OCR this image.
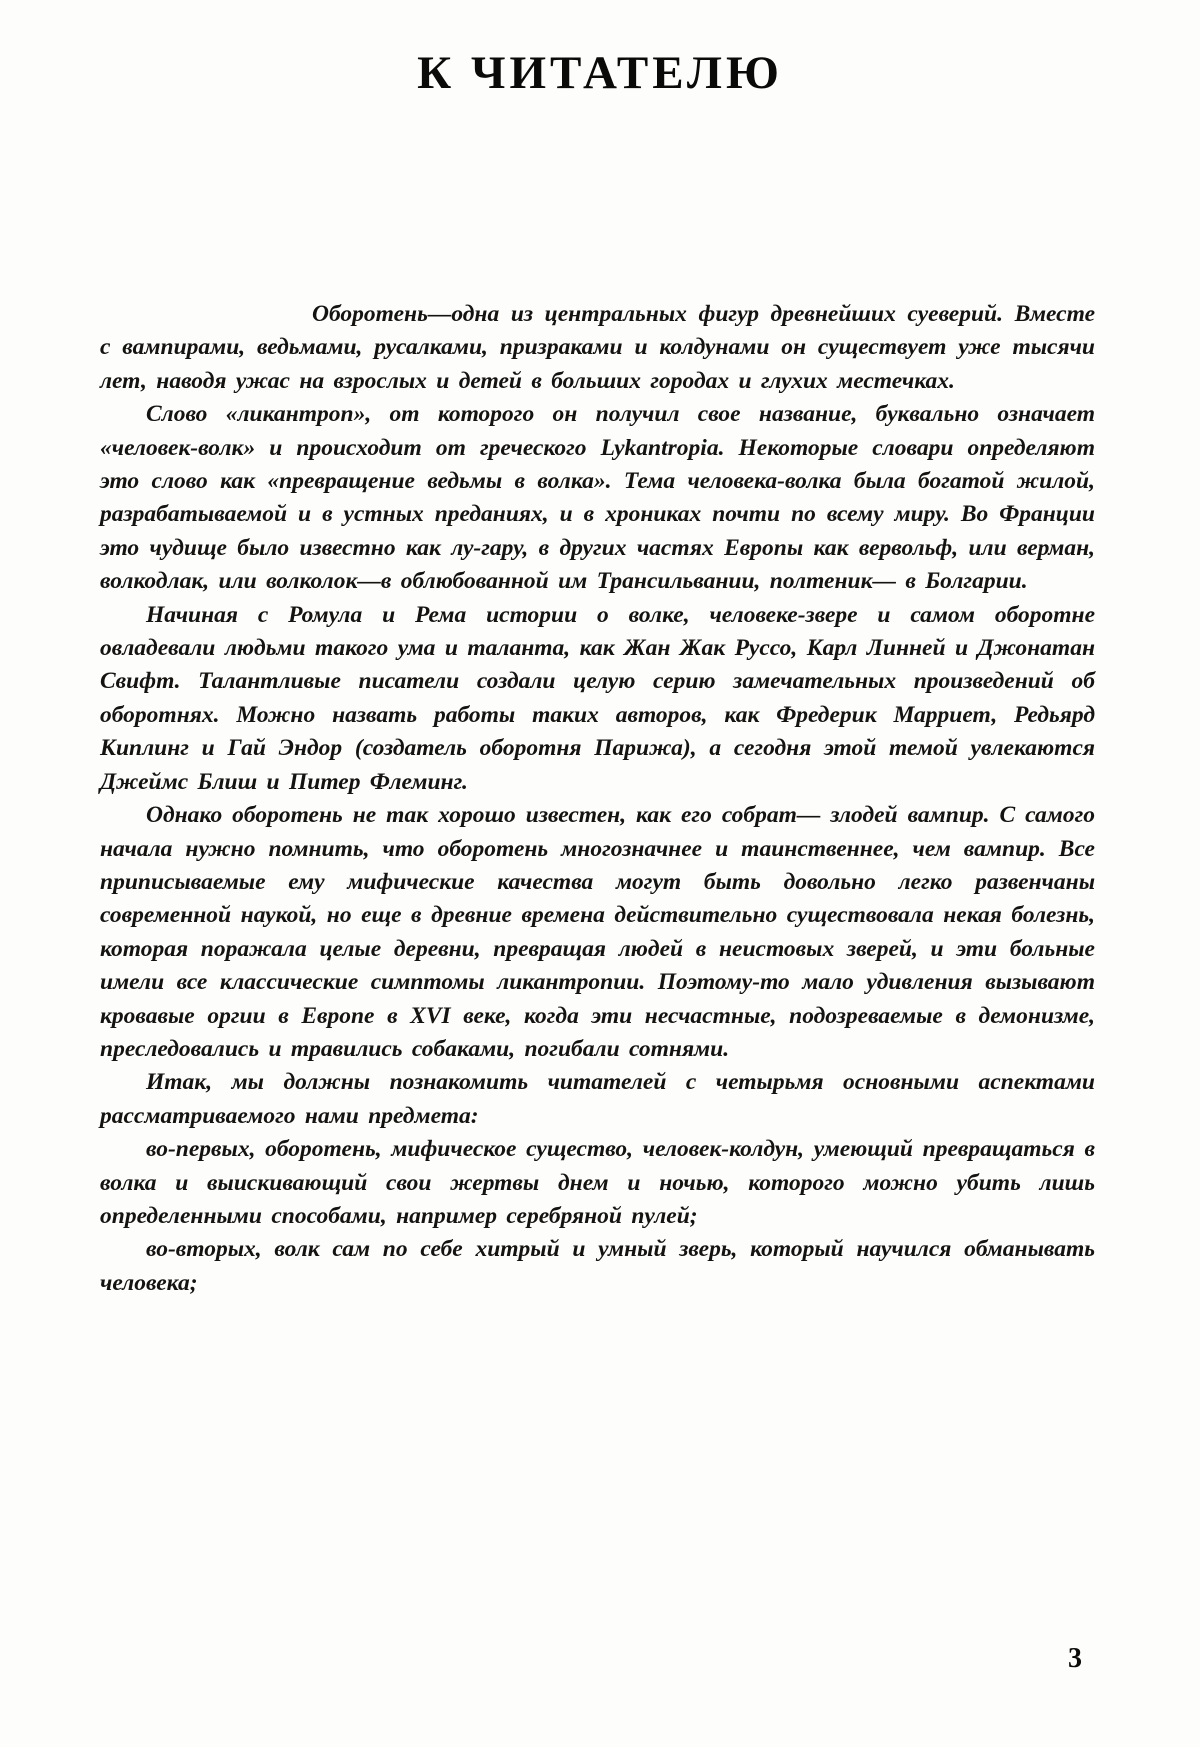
К ЧИТАТЕЛЮ

Оборотень—одна из центральных фигур древнейших суеверий. Вместе с вампирами, ведьмами, русалками, призраками и колдунами он существует уже тысячи лет, наводя ужас на взрослых и детей в больших городах и глухих местечках.

Слово «ликантроп», от которого он получил свое название, буквально означает «человек-волк» и происходит от греческого Lykantropia. Некоторые словари определяют это слово как «превращение ведьмы в волка». Тема человека-волка была богатой жилой, разрабатываемой и в устных преданиях, и в хрониках почти по всему миру. Во Франции это чудище было известно как лу-гару, в других частях Европы как вервольф, или верман, волкодлак, или волколок—в облюбованной им Трансильвании, полтеник— в Болгарии.

Начиная с Ромула и Рема истории о волке, человеке-звере и самом оборотне овладевали людьми такого ума и таланта, как Жан Жак Руссо, Карл Линней и Джонатан Свифт. Талантливые писатели создали целую серию замечательных произведений об оборотнях. Можно назвать работы таких авторов, как Фредерик Марриет, Редьярд Киплинг и Гай Эндор (создатель оборотня Парижа), а сегодня этой темой увлекаются Джеймс Блиш и Питер Флеминг.

Однако оборотень не так хорошо известен, как его собрат— злодей вампир. С самого начала нужно помнить, что оборотень многозначнее и таинственнее, чем вампир. Все приписываемые ему мифические качества могут быть довольно легко развенчаны современной наукой, но еще в древние времена действительно существовала некая болезнь, которая поражала целые деревни, превращая людей в неистовых зверей, и эти больные имели все классические симптомы ликантропии. Поэтому-то мало удивления вызывают кровавые оргии в Европе в XVI веке, когда эти несчастные, подозреваемые в демонизме, преследовались и травились собаками, погибали сотнями.

Итак, мы должны познакомить читателей с четырьмя основными аспектами рассматриваемого нами предмета:

во-первых, оборотень, мифическое существо, человек-колдун, умеющий превращаться в волка и выискивающий свои жертвы днем и ночью, которого можно убить лишь определенными способами, например серебряной пулей;

во-вторых, волк сам по себе хитрый и умный зверь, который научился обманывать человека;

3
